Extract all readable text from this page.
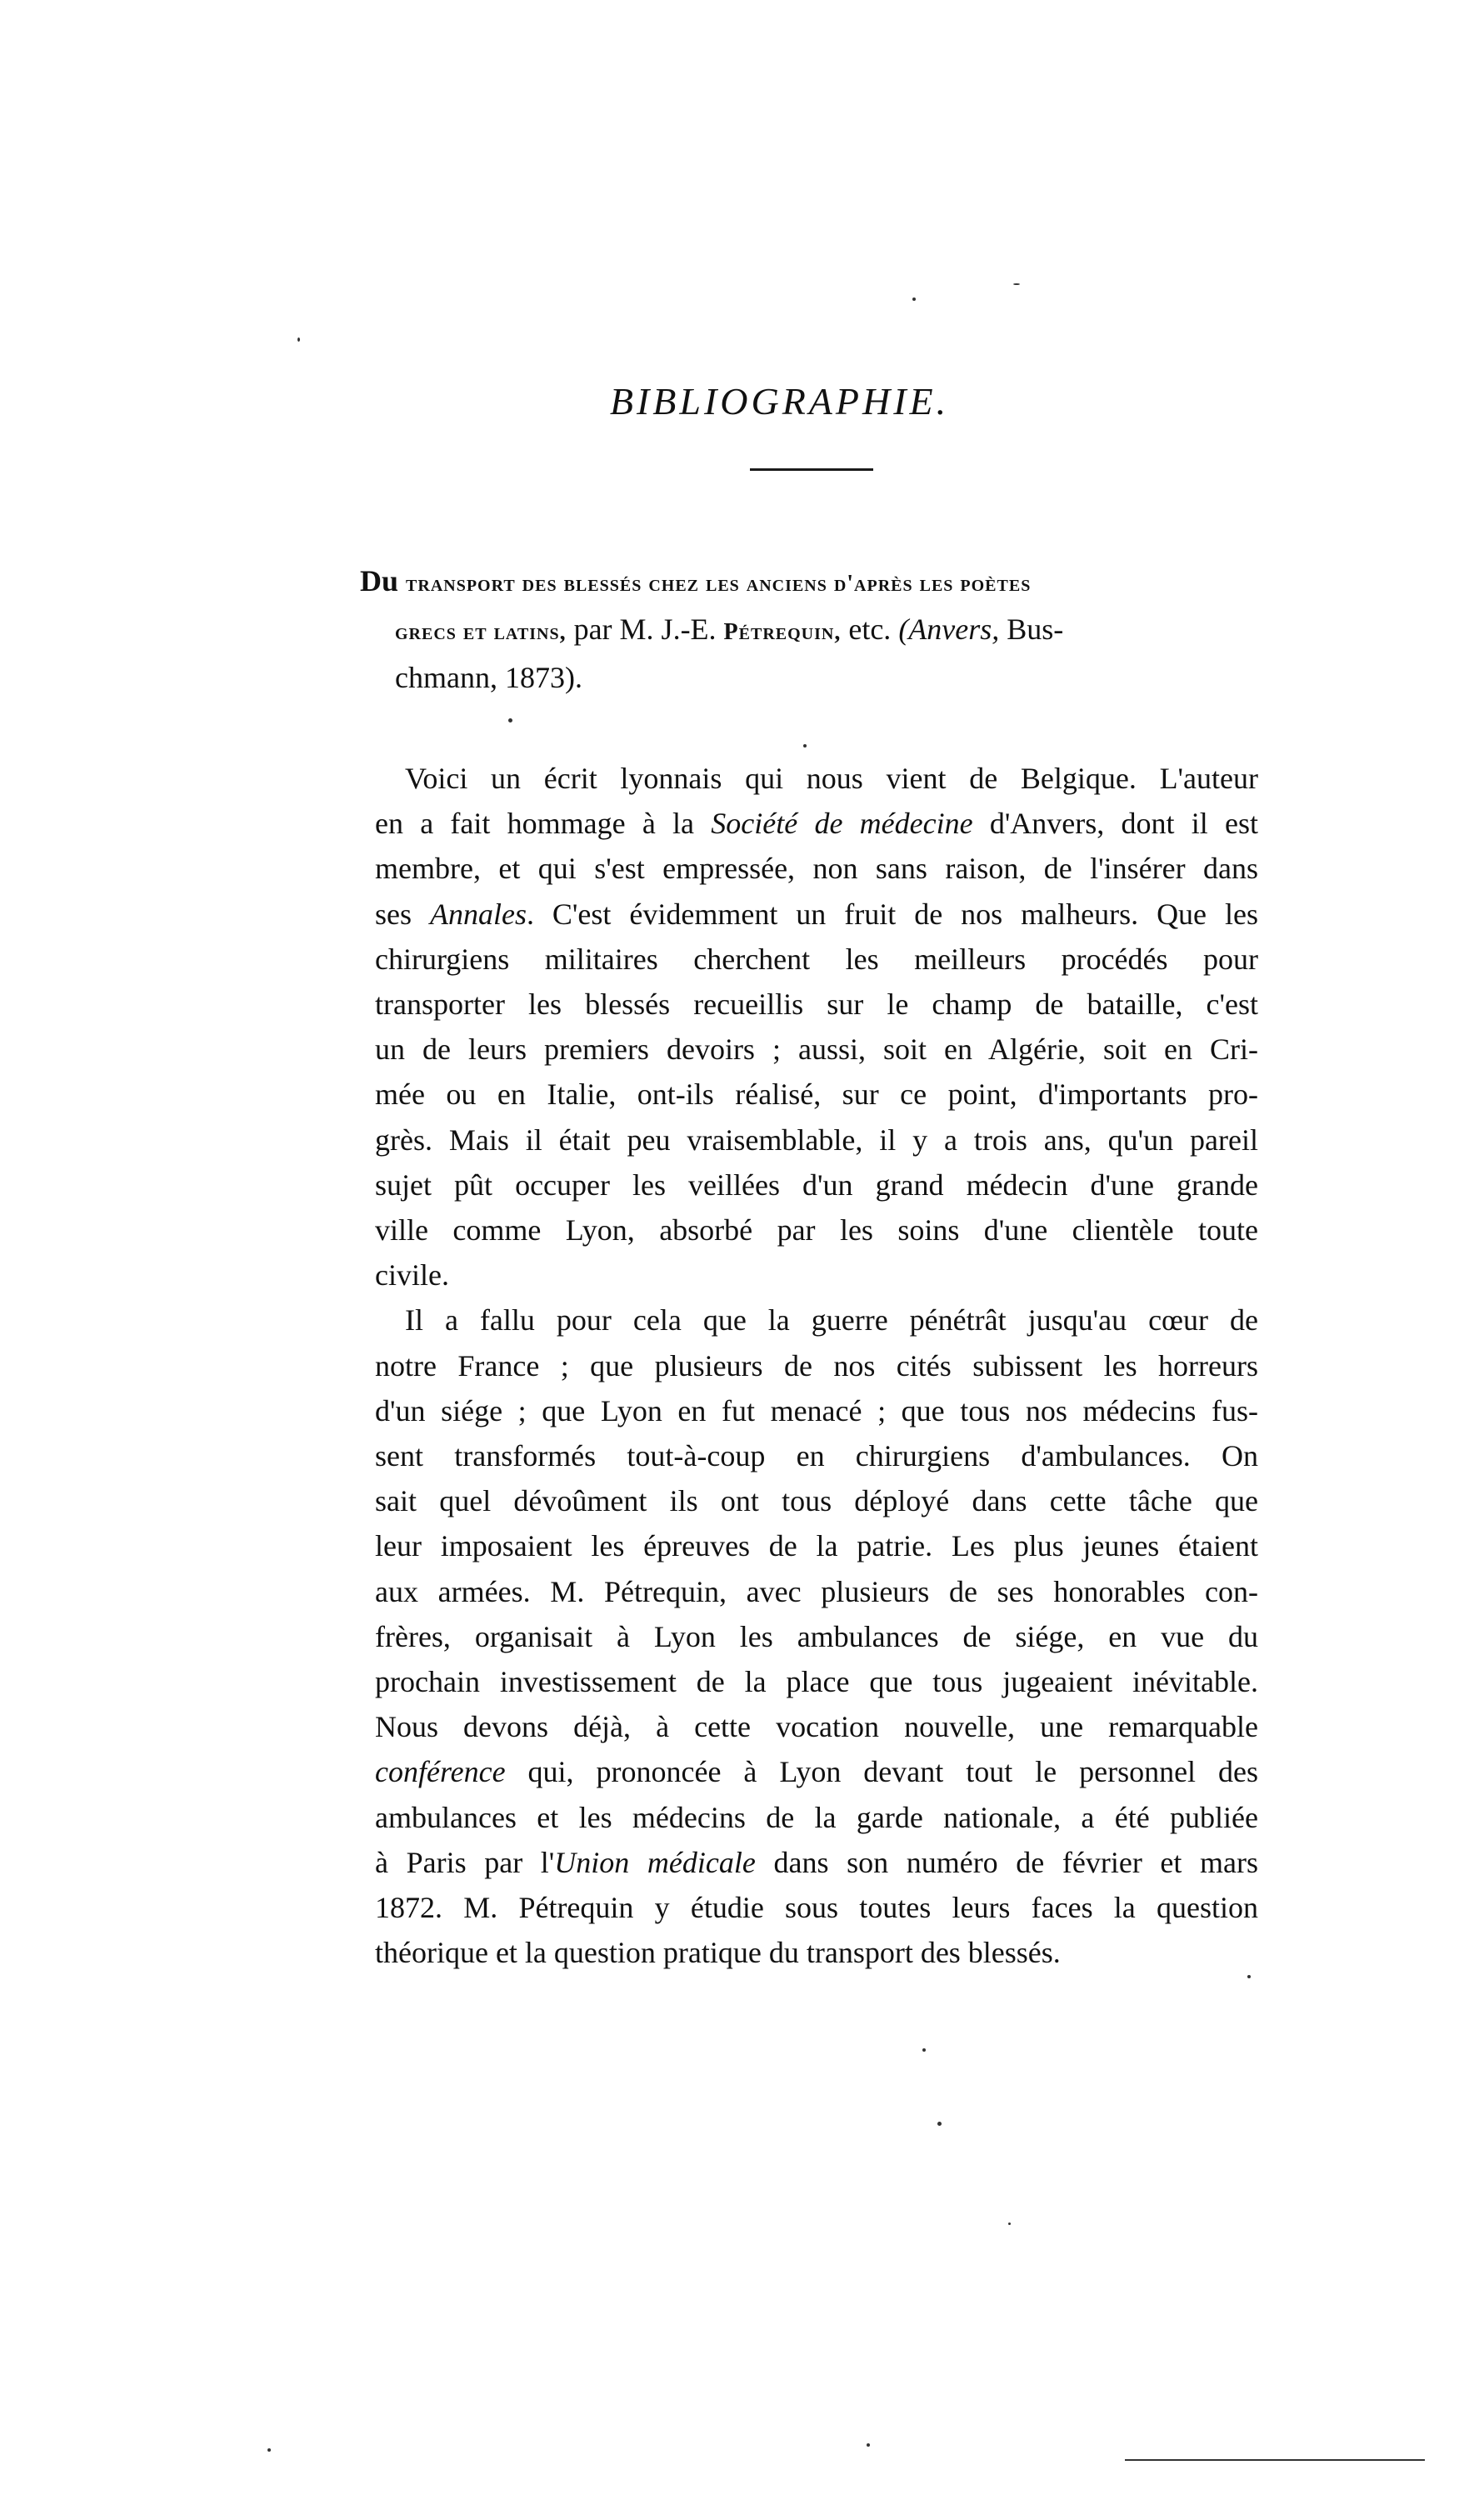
BIBLIOGRAPHIE.
Du transport des blessés chez les anciens d'après les poètes
grecs et latins, par M. J.-E. Pétrequin, etc. (Anvers, Bus-
chmann, 1873).
Voici un écrit lyonnais qui nous vient de Belgique. L'auteur
en a fait hommage à la Société de médecine d'Anvers, dont il est
membre, et qui s'est empressée, non sans raison, de l'insérer dans
ses Annales. C'est évidemment un fruit de nos malheurs. Que les
chirurgiens militaires cherchent les meilleurs procédés pour
transporter les blessés recueillis sur le champ de bataille, c'est
un de leurs premiers devoirs ; aussi, soit en Algérie, soit en Cri-
mée ou en Italie, ont-ils réalisé, sur ce point, d'importants pro-
grès. Mais il était peu vraisemblable, il y a trois ans, qu'un pareil
sujet pût occuper les veillées d'un grand médecin d'une grande
ville comme Lyon, absorbé par les soins d'une clientèle toute
civile.
Il a fallu pour cela que la guerre pénétrât jusqu'au cœur de
notre France ; que plusieurs de nos cités subissent les horreurs
d'un siége ; que Lyon en fut menacé ; que tous nos médecins fus-
sent transformés tout-à-coup en chirurgiens d'ambulances. On
sait quel dévoûment ils ont tous déployé dans cette tâche que
leur imposaient les épreuves de la patrie. Les plus jeunes étaient
aux armées. M. Pétrequin, avec plusieurs de ses honorables con-
frères, organisait à Lyon les ambulances de siége, en vue du
prochain investissement de la place que tous jugeaient inévitable.
Nous devons déjà, à cette vocation nouvelle, une remarquable
conférence qui, prononcée à Lyon devant tout le personnel des
ambulances et les médecins de la garde nationale, a été publiée
à Paris par l'Union médicale dans son numéro de février et mars
1872. M. Pétrequin y étudie sous toutes leurs faces la question
théorique et la question pratique du transport des blessés.
